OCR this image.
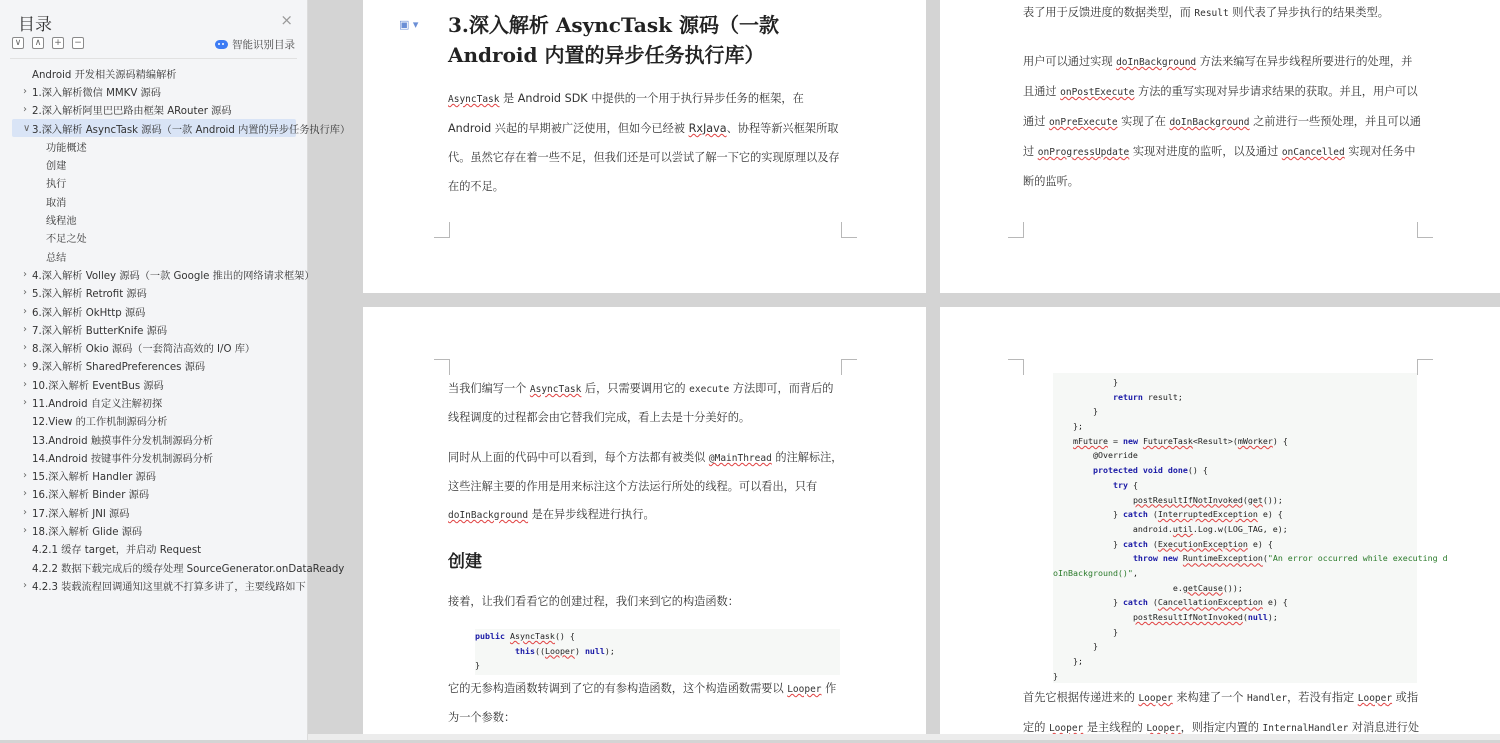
目录	×
∨	∧	+ −	智能识别目录
Android 开发相关源码精编解析
› 1.深入解析微信 MMKV 源码
› 2.深入解析阿里巴巴路由框架 ARouter 源码
∨ 3.深入解析 AsyncTask 源码（一款 Android 内置的异步任务执行库）
功能概述
创建
执行
取消
线程池
不足之处
总结
› 4.深入解析 Volley 源码（一款 Google 推出的网络请求框架）
› 5.深入解析 Retrofit 源码
› 6.深入解析 OkHttp 源码
› 7.深入解析 ButterKnife 源码
› 8.深入解析 Okio 源码（一套简洁高效的 I/O 库）
› 9.深入解析 SharedPreferences 源码
› 10.深入解析 EventBus 源码
› 11.Android 自定义注解初探
12.View 的工作机制源码分析
13.Android 触摸事件分发机制源码分析
14.Android 按键事件分发机制源码分析
› 15.深入解析 Handler 源码
› 16.深入解析 Binder 源码
› 17.深入解析 JNI 源码
› 18.深入解析 Glide 源码
4.2.1 缓存 target，并启动 Request
4.2.2 数据下载完成后的缓存处理 SourceGenerator.onDataReady
› 4.2.3 装载流程回调通知这里就不打算多讲了，主要线路如下
▣ ▾ 3.深入解析 AsyncTask 源码（一款 Android 内置的异步任务执行库）
AsyncTask 是 Android SDK 中提供的一个用于执行异步任务的框架，在 Android 兴起的早期被广泛使用，但如今已经被 RxJava、协程等新兴框架所取代。虽然它存在着一些不足，但我们还是可以尝试了解一下它的实现原理以及存在的不足。
表了用于反馈进度的数据类型，而 Result 则代表了异步执行的结果类型。
用户可以通过实现 doInBackground 方法来编写在异步线程所要进行的处理，并且通过 onPostExecute 方法的重写实现对异步请求结果的获取。并且，用户可以通过 onPreExecute 实现了在 doInBackground 之前进行一些预处理，并且可以通过 onProgressUpdate 实现对进度的监听，以及通过 onCancelled 实现对任务中断的监听。
当我们编写一个 AsyncTask 后，只需要调用它的 execute 方法即可，而背后的线程调度的过程都会由它替我们完成，看上去是十分美好的。
同时从上面的代码中可以看到，每个方法都有被类似 @MainThread 的注解标注，这些注解主要的作用是用来标注这个方法运行所处的线程。可以看出，只有 doInBackground 是在异步线程进行执行。
创建
接着，让我们看看它的创建过程，我们来到它的构造函数：
public AsyncTask() {
this((Looper) null);
}
它的无参构造函数转调到了它的有参构造函数，这个构造函数需要以 Looper 作为一个参数：
}
return result;
}
};
mFuture = new FutureTask<Result>(mWorker) {
@Override
protected void done() {
try {
postResultIfNotInvoked(get());
} catch (InterruptedException e) {
android.util.Log.w(LOG_TAG, e);
} catch (ExecutionException e) {
throw new RuntimeException("An error occurred while executing d
oInBackground()",
e.getCause());
} catch (CancellationException e) {
postResultIfNotInvoked(null);
}
}
};
}
首先它根据传递进来的 Looper 来构建了一个 Handler，若没有指定 Looper 或指定的 Looper 是主线程的 Looper，则指定内置的 InternalHandler 对消息进行处
